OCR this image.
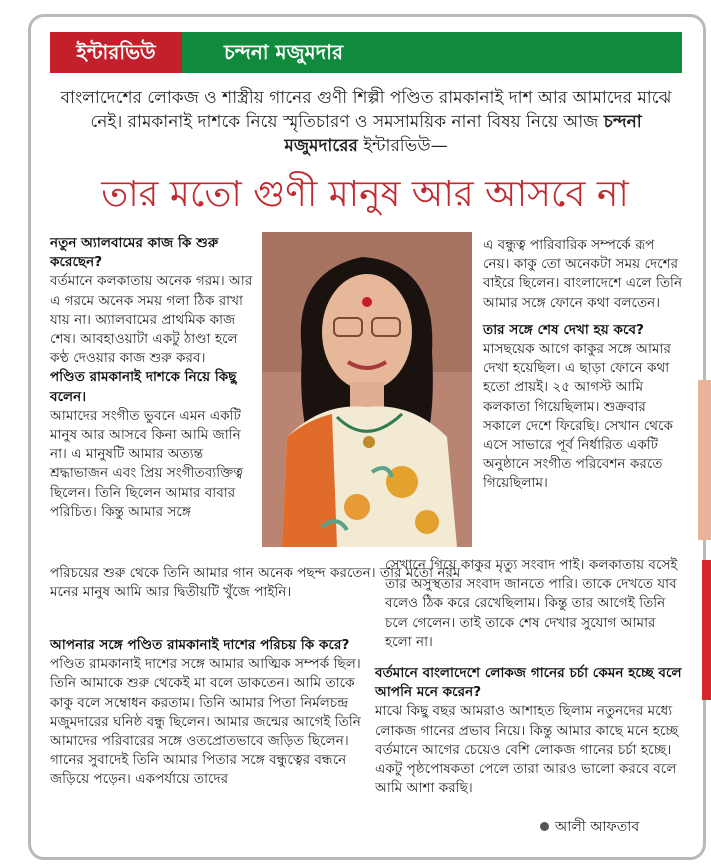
ইন্টারভিউ	চন্দনা মজুমদার
বাংলাদেশের লোকজ ও শাস্ত্রীয় গানের গুণী শিল্পী পণ্ডিত রামকানাই দাশ আর আমাদের মাঝে নেই। রামকানাই দাশকে নিয়ে স্মৃতিচারণ ও সমসাময়িক নানা বিষয় নিয়ে আজ চন্দনা মজুমদারের ইন্টারভিউ—
তার মতো গুণী মানুষ আর আসবে না

নতুন অ্যালবামের কাজ কি শুরু করেছেন?

বর্তমানে কলকাতায় অনেক গরম। আর এ গরমে অনেক সময় গলা ঠিক রাখা যায় না। অ্যালবামের প্রাথমিক কাজ শেষ। আবহাওয়াটা একটু ঠাণ্ডা হলে কণ্ঠ দেওয়ার কাজ শুরু করব।

পণ্ডিত রামকানাই দাশকে নিয়ে কিছু বলেন।

আমাদের সংগীত ভুবনে এমন একটি মানুষ আর আসবে কিনা আমি জানি না। এ মানুষটি আমার অত্যন্ত শ্রদ্ধাভাজন এবং প্রিয় সংগীতব্যক্তিত্ব ছিলেন। তিনি ছিলেন আমার বাবার পরিচিত। কিন্তু আমার সঙ্গে

পরিচয়ের শুরু থেকে তিনি আমার গান অনেক পছন্দ করতেন। তার মতো নরম মনের মানুষ আমি আর দ্বিতীয়টি খুঁজে পাইনি।

আপনার সঙ্গে পণ্ডিত রামকানাই দাশের পরিচয় কি করে?

পণ্ডিত রামকানাই দাশের সঙ্গে আমার আত্মিক সম্পর্ক ছিল। তিনি আমাকে শুরু থেকেই মা বলে ডাকতেন। আমি তাকে কাকু বলে সম্বোধন করতাম। তিনি আমার পিতা নির্মলচন্দ্র মজুমদারের ঘনিষ্ঠ বন্ধু ছিলেন। আমার জন্মের আগেই তিনি আমাদের পরিবারের সঙ্গে ওতপ্রোতভাবে জড়িত ছিলেন। গানের সুবাদেই তিনি আমার পিতার সঙ্গে বন্ধুত্বের বন্ধনে জড়িয়ে পড়েন। একপর্যায়ে তাদের

এ বন্ধুত্ব পারিবারিক সম্পর্কে রূপ নেয়। কাকু তো অনেকটা সময় দেশের বাইরে ছিলেন। বাংলাদেশে এলে তিনি আমার সঙ্গে ফোনে কথা বলতেন।

তার সঙ্গে শেষ দেখা হয় কবে?

মাসছয়েক আগে কাকুর সঙ্গে আমার দেখা হয়েছিল। এ ছাড়া ফোনে কথা হতো প্রায়ই। ২৫ আগস্ট আমি কলকাতা গিয়েছিলাম। শুক্রবার সকালে দেশে ফিরেছি। সেখান থেকে এসে সাভারে পূর্ব নির্ধারিত একটি অনুষ্ঠানে সংগীত পরিবেশন করতে গিয়েছিলাম।

সেখানে গিয়ে কাকুর মৃত্যু সংবাদ পাই। কলকাতায় বসেই তার অসুস্থতার সংবাদ জানতে পারি। তাকে দেখতে যাব বলেও ঠিক করে রেখেছিলাম। কিন্তু তার আগেই তিনি চলে গেলেন। তাই তাকে শেষ দেখার সুযোগ আমার হলো না।

বর্তমানে বাংলাদেশে লোকজ গানের চর্চা কেমন হচ্ছে বলে আপনি মনে করেন?

মাঝে কিছু বছর আমরাও আশাহত ছিলাম নতুনদের মধ্যে লোকজ গানের প্রভাব নিয়ে। কিন্তু আমার কাছে মনে হচ্ছে বর্তমানে আগের চেয়েও বেশি লোকজ গানের চর্চা হচ্ছে। একটু পৃষ্ঠপোষকতা পেলে তারা আরও ভালো করবে বলে আমি আশা করছি।

আলী আফতাব
